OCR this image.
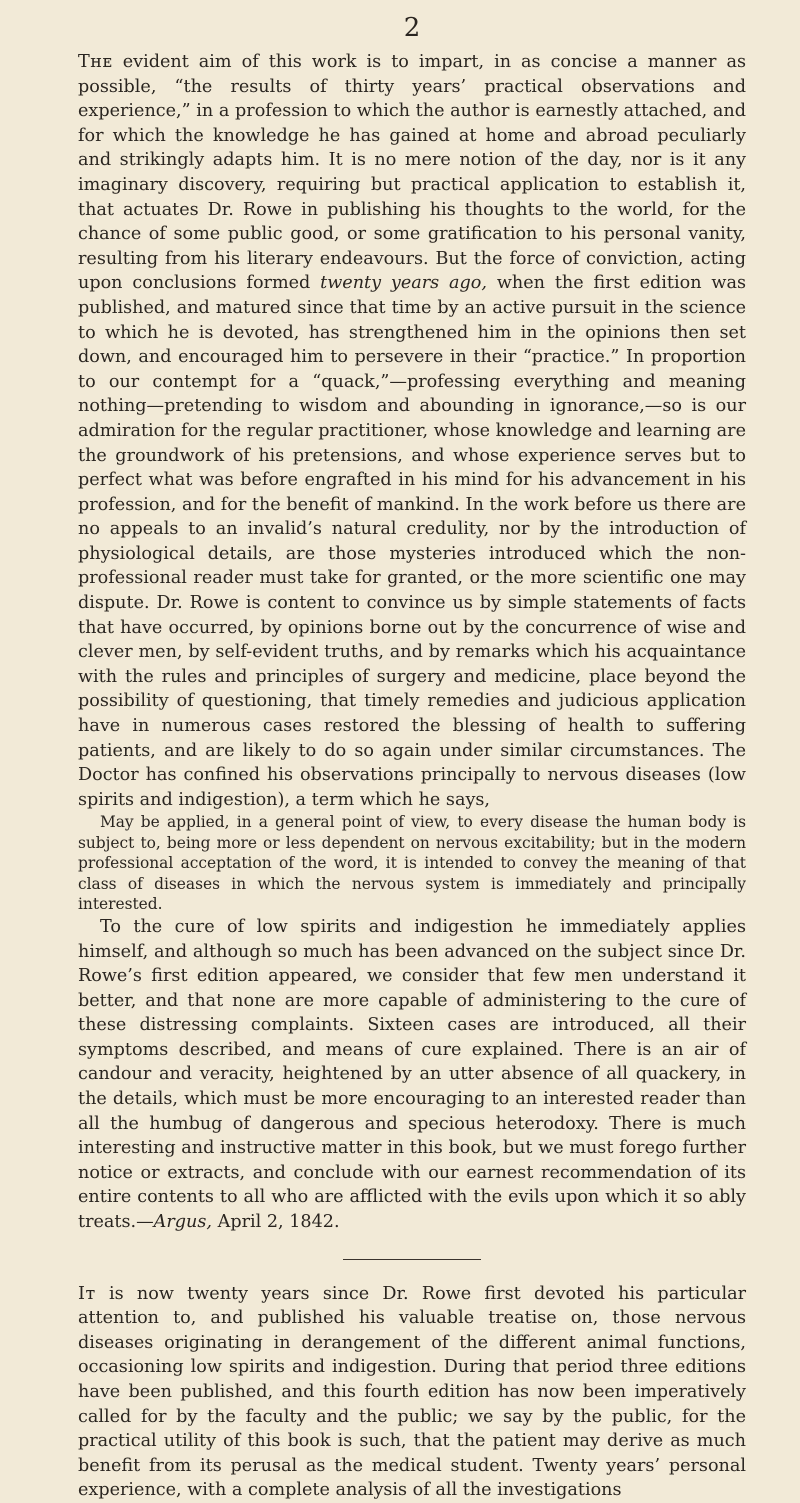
2

Tʜᴇ evident aim of this work is to impart, in as concise a manner as possible, “the results of thirty years’ practical observations and experience,” in a profession to which the author is earnestly attached, and for which the knowledge he has gained at home and abroad peculiarly and strikingly adapts him. It is no mere notion of the day, nor is it any imaginary discovery, requiring but practical application to establish it, that actuates Dr. Rowe in publishing his thoughts to the world, for the chance of some public good, or some gratification to his personal vanity, resulting from his literary endeavours. But the force of conviction, acting upon conclusions formed twenty years ago, when the first edition was published, and matured since that time by an active pursuit in the science to which he is devoted, has strengthened him in the opinions then set down, and encouraged him to persevere in their “practice.” In proportion to our contempt for a “quack,”—professing everything and meaning nothing—pretending to wisdom and abounding in ignorance,—so is our admiration for the regular practitioner, whose knowledge and learning are the groundwork of his pretensions, and whose experience serves but to perfect what was before engrafted in his mind for his advancement in his profession, and for the benefit of mankind. In the work before us there are no appeals to an invalid’s natural credulity, nor by the introduction of physiological details, are those mysteries introduced which the non-professional reader must take for granted, or the more scientific one may dispute. Dr. Rowe is content to convince us by simple statements of facts that have occurred, by opinions borne out by the concurrence of wise and clever men, by self-evident truths, and by remarks which his acquaintance with the rules and principles of surgery and medicine, place beyond the possibility of questioning, that timely remedies and judicious application have in numerous cases restored the blessing of health to suffering patients, and are likely to do so again under similar circumstances. The Doctor has confined his observations principally to nervous diseases (low spirits and indigestion), a term which he says,

May be applied, in a general point of view, to every disease the human body is subject to, being more or less dependent on nervous excitability; but in the modern professional acceptation of the word, it is intended to convey the meaning of that class of diseases in which the nervous system is immediately and principally interested.

To the cure of low spirits and indigestion he immediately applies himself, and although so much has been advanced on the subject since Dr. Rowe’s first edition appeared, we consider that few men understand it better, and that none are more capable of administering to the cure of these distressing complaints. Sixteen cases are introduced, all their symptoms described, and means of cure explained. There is an air of candour and veracity, heightened by an utter absence of all quackery, in the details, which must be more encouraging to an interested reader than all the humbug of dangerous and specious heterodoxy. There is much interesting and instructive matter in this book, but we must forego further notice or extracts, and conclude with our earnest recommendation of its entire contents to all who are afflicted with the evils upon which it so ably treats.—Argus, April 2, 1842.

Iᴛ is now twenty years since Dr. Rowe first devoted his particular attention to, and published his valuable treatise on, those nervous diseases originating in derangement of the different animal functions, occasioning low spirits and indigestion. During that period three editions have been published, and this fourth edition has now been imperatively called for by the faculty and the public; we say by the public, for the practical utility of this book is such, that the patient may derive as much benefit from its perusal as the medical student. Twenty years’ personal experience, with a complete analysis of all the investigations
